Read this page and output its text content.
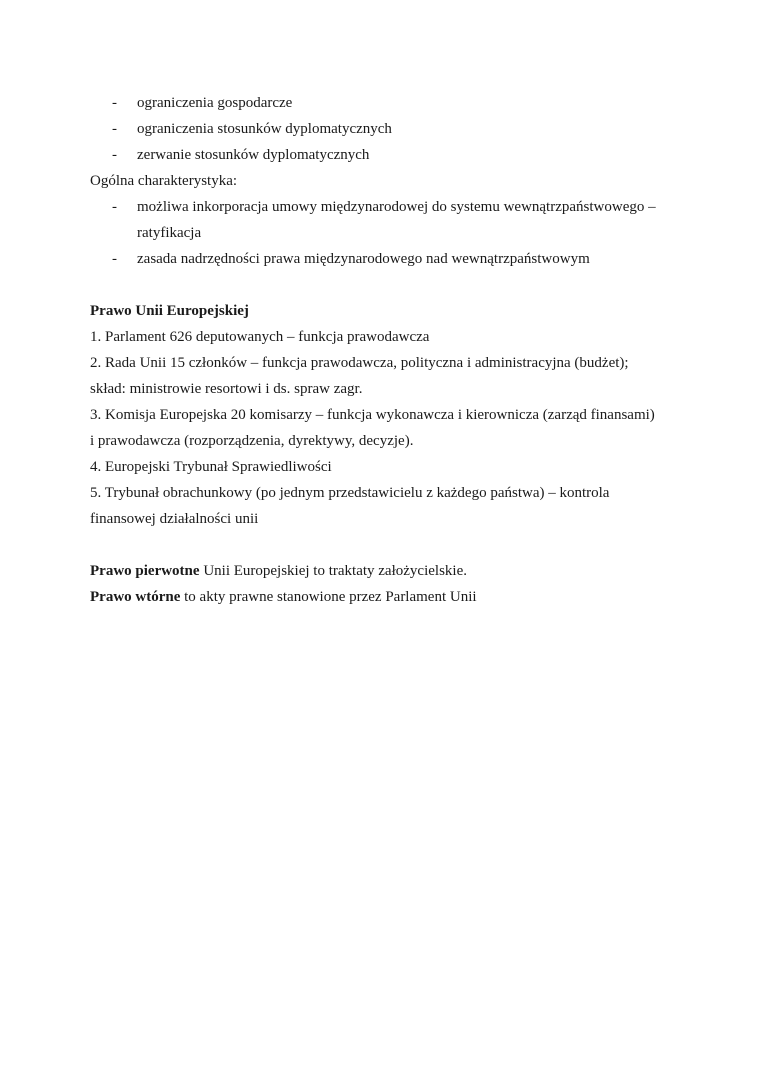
- ograniczenia gospodarcze
- ograniczenia stosunków dyplomatycznych
- zerwanie stosunków dyplomatycznych
Ogólna charakterystyka:
- możliwa inkorporacja umowy międzynarodowej do systemu wewnątrzpaństwowego –
ratyfikacja
- zasada nadrzędności prawa międzynarodowego nad wewnątrzpaństwowym
Prawo Unii Europejskiej
1. Parlament 626 deputowanych – funkcja prawodawcza
2. Rada Unii 15 członków – funkcja prawodawcza, polityczna i administracyjna (budżet);
skład: ministrowie resortowi i ds. spraw zagr.
3. Komisja Europejska 20 komisarzy – funkcja wykonawcza i kierownicza (zarząd finansami)
i prawodawcza (rozporządzenia, dyrektywy, decyzje).
4. Europejski Trybunał Sprawiedliwości
5. Trybunał obrachunkowy (po jednym przedstawicielu z każdego państwa) – kontrola
finansowej działalności unii
Prawo pierwotne Unii Europejskiej to traktaty założycielskie.
Prawo wtórne to akty prawne stanowione przez Parlament Unii
